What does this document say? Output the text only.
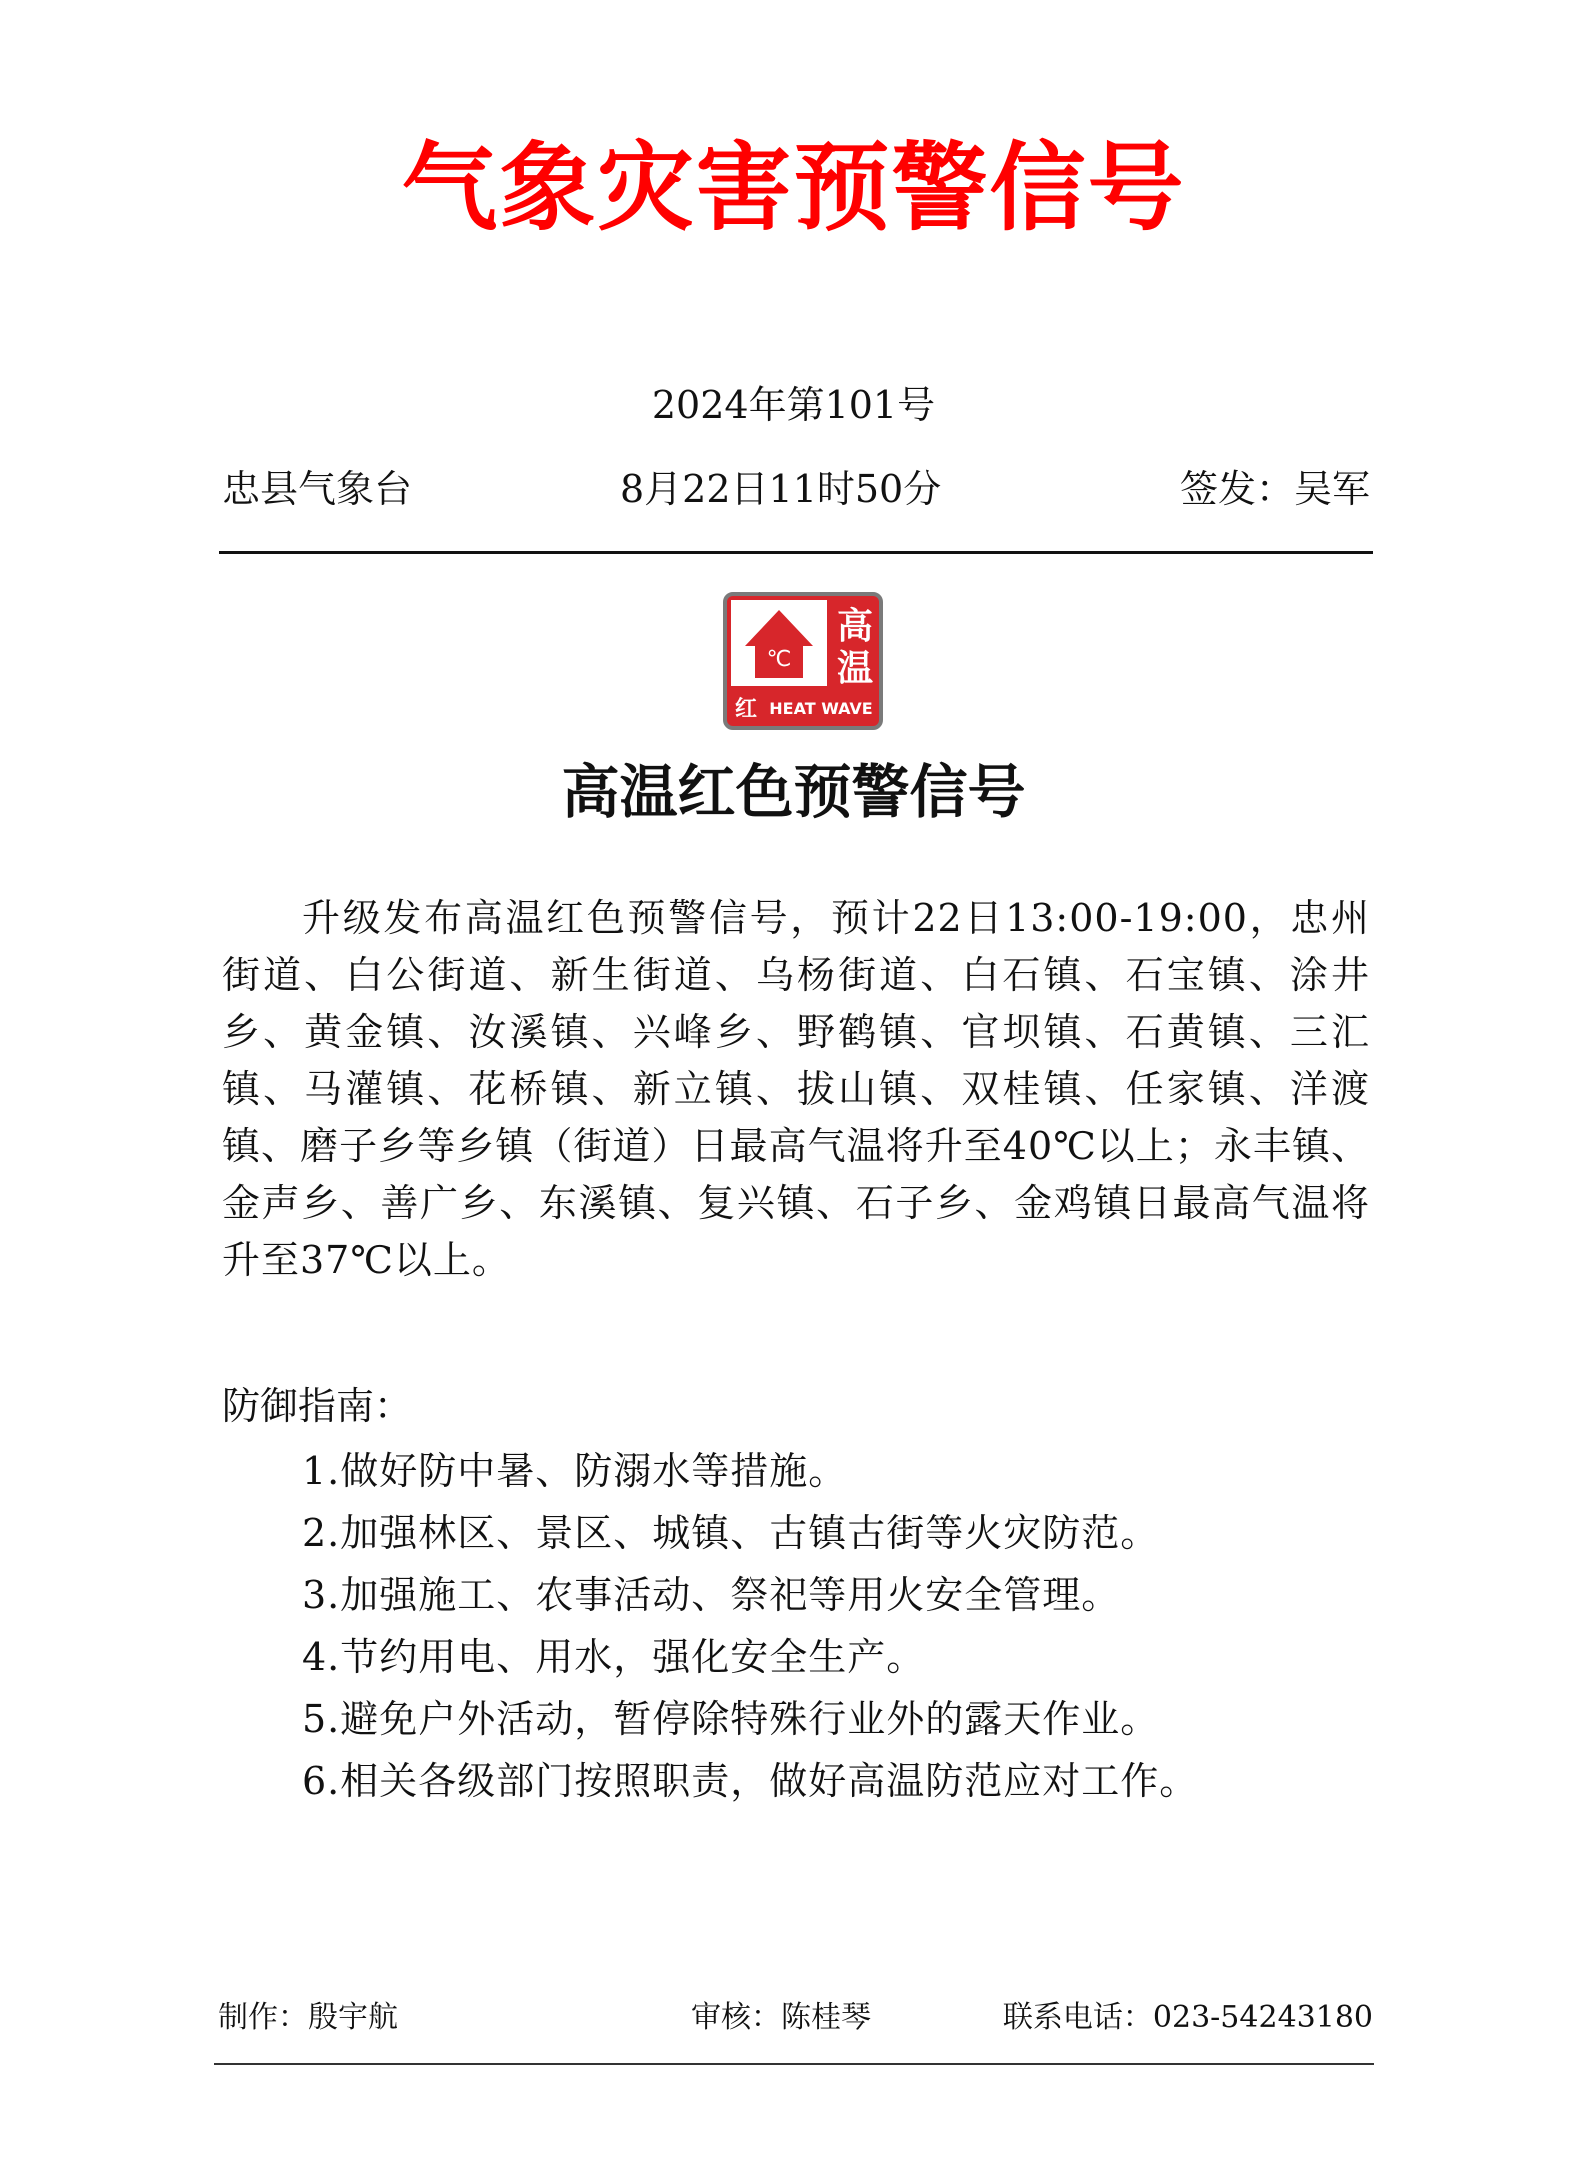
气象灾害预警信号
2024年第101号
忠县气象台	8月22日11时50分	签发：吴军
℃
高
温
红 HEAT WAVE
高温红色预警信号
升级发布高温红色预警信号，预计22日13:00-19:00，忠州街道、白公街道、新生街道、乌杨街道、白石镇、石宝镇、涂井乡、黄金镇、汝溪镇、兴峰乡、野鹤镇、官坝镇、石黄镇、三汇镇、马灌镇、花桥镇、新立镇、拔山镇、双桂镇、任家镇、洋渡镇、磨子乡等乡镇（街道）日最高气温将升至40℃以上；永丰镇、金声乡、善广乡、东溪镇、复兴镇、石子乡、金鸡镇日最高气温将升至37℃以上。
防御指南：
1.做好防中暑、防溺水等措施。
2.加强林区、景区、城镇、古镇古街等火灾防范。
3.加强施工、农事活动、祭祀等用火安全管理。
4.节约用电、用水，强化安全生产。
5.避免户外活动，暂停除特殊行业外的露天作业。
6.相关各级部门按照职责，做好高温防范应对工作。
制作：殷宇航	审核：陈桂琴	联系电话：023-54243180
